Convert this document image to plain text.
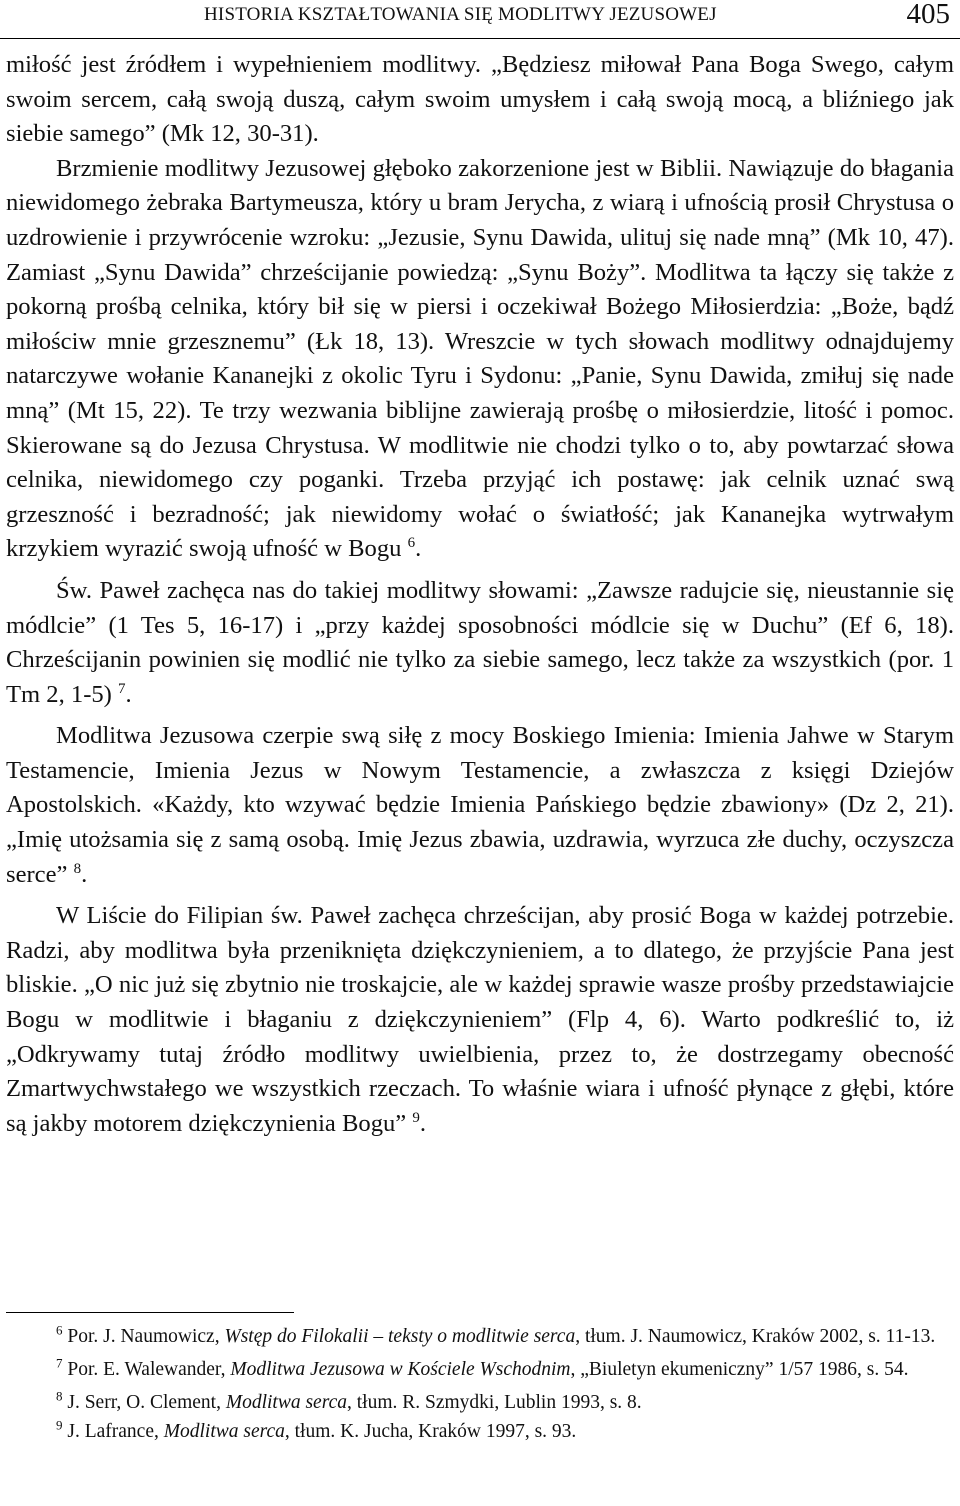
HISTORIA KSZTAŁTOWANIA SIĘ MODLITWY JEZUSOWEJ	405

miłość jest źródłem i wypełnieniem modlitwy. „Będziesz miłował Pana Boga Swego, całym swoim sercem, całą swoją duszą, całym swoim umysłem i całą swoją mocą, a bliźniego jak siebie samego” (Mk 12, 30-31).

Brzmienie modlitwy Jezusowej głęboko zakorzenione jest w Biblii. Nawiązuje do błagania niewidomego żebraka Bartymeusza, który u bram Jerycha, z wiarą i ufnością prosił Chrystusa o uzdrowienie i przywrócenie wzroku: „Jezusie, Synu Dawida, ulituj się nade mną” (Mk 10, 47). Zamiast „Synu Dawida” chrześcijanie powiedzą: „Synu Boży”. Modlitwa ta łączy się także z pokorną prośbą celnika, który bił się w piersi i oczekiwał Bożego Miłosierdzia: „Boże, bądź miłościw mnie grzesznemu” (Łk 18, 13). Wreszcie w tych słowach modlitwy odnajdujemy natarczywe wołanie Kananejki z okolic Tyru i Sydonu: „Panie, Synu Dawida, zmiłuj się nade mną” (Mt 15, 22). Te trzy wezwania biblijne zawierają prośbę o miłosierdzie, litość i pomoc. Skierowane są do Jezusa Chrystusa. W modlitwie nie chodzi tylko o to, aby powtarzać słowa celnika, niewidomego czy poganki. Trzeba przyjąć ich postawę: jak celnik uznać swą grzeszność i bezradność; jak niewidomy wołać o światłość; jak Kananejka wytrwałym krzykiem wyrazić swoją ufność w Bogu $^6$.

Św. Paweł zachęca nas do takiej modlitwy słowami: „Zawsze radujcie się, nieustannie się módlcie” (1 Tes 5, 16-17) i „przy każdej sposobności módlcie się w Duchu” (Ef 6, 18). Chrześcijanin powinien się modlić nie tylko za siebie samego, lecz także za wszystkich (por. 1 Tm 2, 1-5) $^7$.

Modlitwa Jezusowa czerpie swą siłę z mocy Boskiego Imienia: Imienia Jahwe w Starym Testamencie, Imienia Jezus w Nowym Testamencie, a zwłaszcza z księgi Dziejów Apostolskich. «Każdy, kto wzywać będzie Imienia Pańskiego będzie zbawiony» (Dz 2, 21). „Imię utożsamia się z samą osobą. Imię Jezus zbawia, uzdrawia, wyrzuca złe duchy, oczyszcza serce” $^8$.

W Liście do Filipian św. Paweł zachęca chrześcijan, aby prosić Boga w każdej potrzebie. Radzi, aby modlitwa była przeniknięta dziękczynieniem, a to dlatego, że przyjście Pana jest bliskie. „O nic już się zbytnio nie troskajcie, ale w każdej sprawie wasze prośby przedstawiajcie Bogu w modlitwie i błaganiu z dziękczynieniem” (Flp 4, 6). Warto podkreślić to, iż „Odkrywamy tutaj źródło modlitwy uwielbienia, przez to, że dostrzegamy obecność Zmartwychwstałego we wszystkich rzeczach. To właśnie wiara i ufność płynące z głębi, które są jakby motorem dziękczynienia Bogu” $^9$.

$^6$ Por. J. Naumowicz, Wstęp do Filokalii – teksty o modlitwie serca, tłum. J. Naumowicz, Kraków 2002, s. 11-13.

$^7$ Por. E. Walewander, Modlitwa Jezusowa w Kościele Wschodnim, „Biuletyn ekumeniczny” 1/57 1986, s. 54.

$^8$ J. Serr, O. Clement, Modlitwa serca, tłum. R. Szmydki, Lublin 1993, s. 8.

$^9$ J. Lafrance, Modlitwa serca, tłum. K. Jucha, Kraków 1997, s. 93.
